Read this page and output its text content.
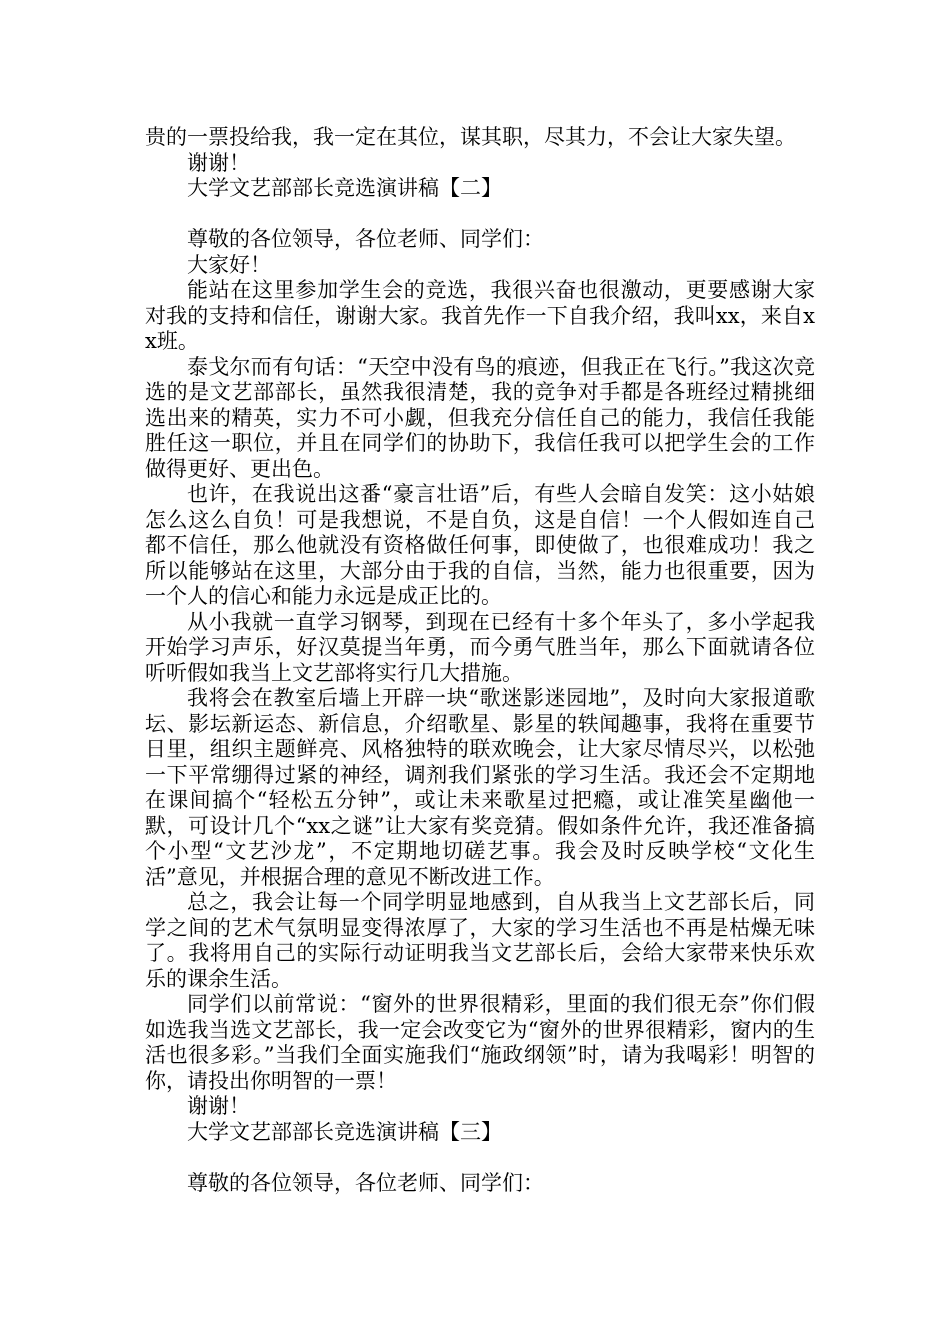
贵的一票投给我，我一定在其位，谋其职，尽其力，不会让大家失望。

谢谢！

大学文艺部部长竞选演讲稿【二】

尊敬的各位领导，各位老师、同学们：

大家好！

能站在这里参加学生会的竞选，我很兴奋也很激动，更要感谢大家对我的支持和信任，谢谢大家。我首先作一下自我介绍，我叫xx，来自xx班。

泰戈尔而有句话：“天空中没有鸟的痕迹，但我正在飞行。”我这次竞选的是文艺部部长，虽然我很清楚，我的竞争对手都是各班经过精挑细选出来的精英，实力不可小觑，但我充分信任自己的能力，我信任我能胜任这一职位，并且在同学们的协助下，我信任我可以把学生会的工作做得更好、更出色。

也许，在我说出这番“豪言壮语”后，有些人会暗自发笑：这小姑娘怎么这么自负！可是我想说，不是自负，这是自信！一个人假如连自己都不信任，那么他就没有资格做任何事，即使做了，也很难成功！我之所以能够站在这里，大部分由于我的自信，当然，能力也很重要，因为一个人的信心和能力永远是成正比的。

从小我就一直学习钢琴，到现在已经有十多个年头了，多小学起我开始学习声乐，好汉莫提当年勇，而今勇气胜当年，那么下面就请各位听听假如我当上文艺部将实行几大措施。

我将会在教室后墙上开辟一块“歌迷影迷园地”，及时向大家报道歌坛、影坛新运态、新信息，介绍歌星、影星的轶闻趣事，我将在重要节日里，组织主题鲜亮、风格独特的联欢晚会，让大家尽情尽兴，以松弛一下平常绷得过紧的神经，调剂我们紧张的学习生活。我还会不定期地在课间搞个“轻松五分钟”，或让未来歌星过把瘾，或让准笑星幽他一默，可设计几个“xx之谜”让大家有奖竞猜。假如条件允许，我还准备搞个小型“文艺沙龙”，不定期地切磋艺事。我会及时反映学校“文化生活”意见，并根据合理的意见不断改进工作。

总之，我会让每一个同学明显地感到，自从我当上文艺部长后，同学之间的艺术气氛明显变得浓厚了，大家的学习生活也不再是枯燥无味了。我将用自己的实际行动证明我当文艺部长后，会给大家带来快乐欢乐的课余生活。

同学们以前常说：“窗外的世界很精彩，里面的我们很无奈”你们假如选我当选文艺部长，我一定会改变它为“窗外的世界很精彩，窗内的生活也很多彩。”当我们全面实施我们“施政纲领”时，请为我喝彩！明智的你，请投出你明智的一票！

谢谢！

大学文艺部部长竞选演讲稿【三】

尊敬的各位领导，各位老师、同学们：
